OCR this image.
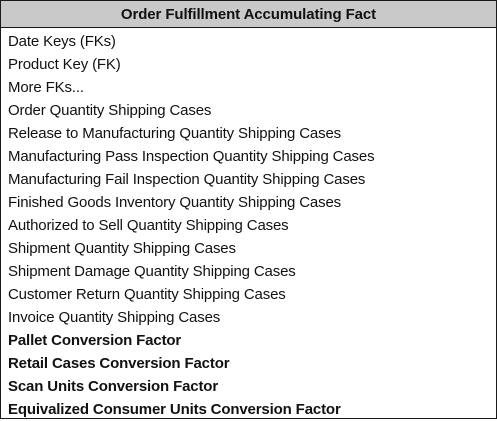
Order Fulfillment Accumulating Fact
Date Keys (FKs)
Product Key (FK)
More FKs...
Order Quantity Shipping Cases
Release to Manufacturing Quantity Shipping Cases
Manufacturing Pass Inspection Quantity Shipping Cases
Manufacturing Fail Inspection Quantity Shipping Cases
Finished Goods Inventory Quantity Shipping Cases
Authorized to Sell Quantity Shipping Cases
Shipment Quantity Shipping Cases
Shipment Damage Quantity Shipping Cases
Customer Return Quantity Shipping Cases
Invoice Quantity Shipping Cases
Pallet Conversion Factor
Retail Cases Conversion Factor
Scan Units Conversion Factor
Equivalized Consumer Units Conversion Factor
